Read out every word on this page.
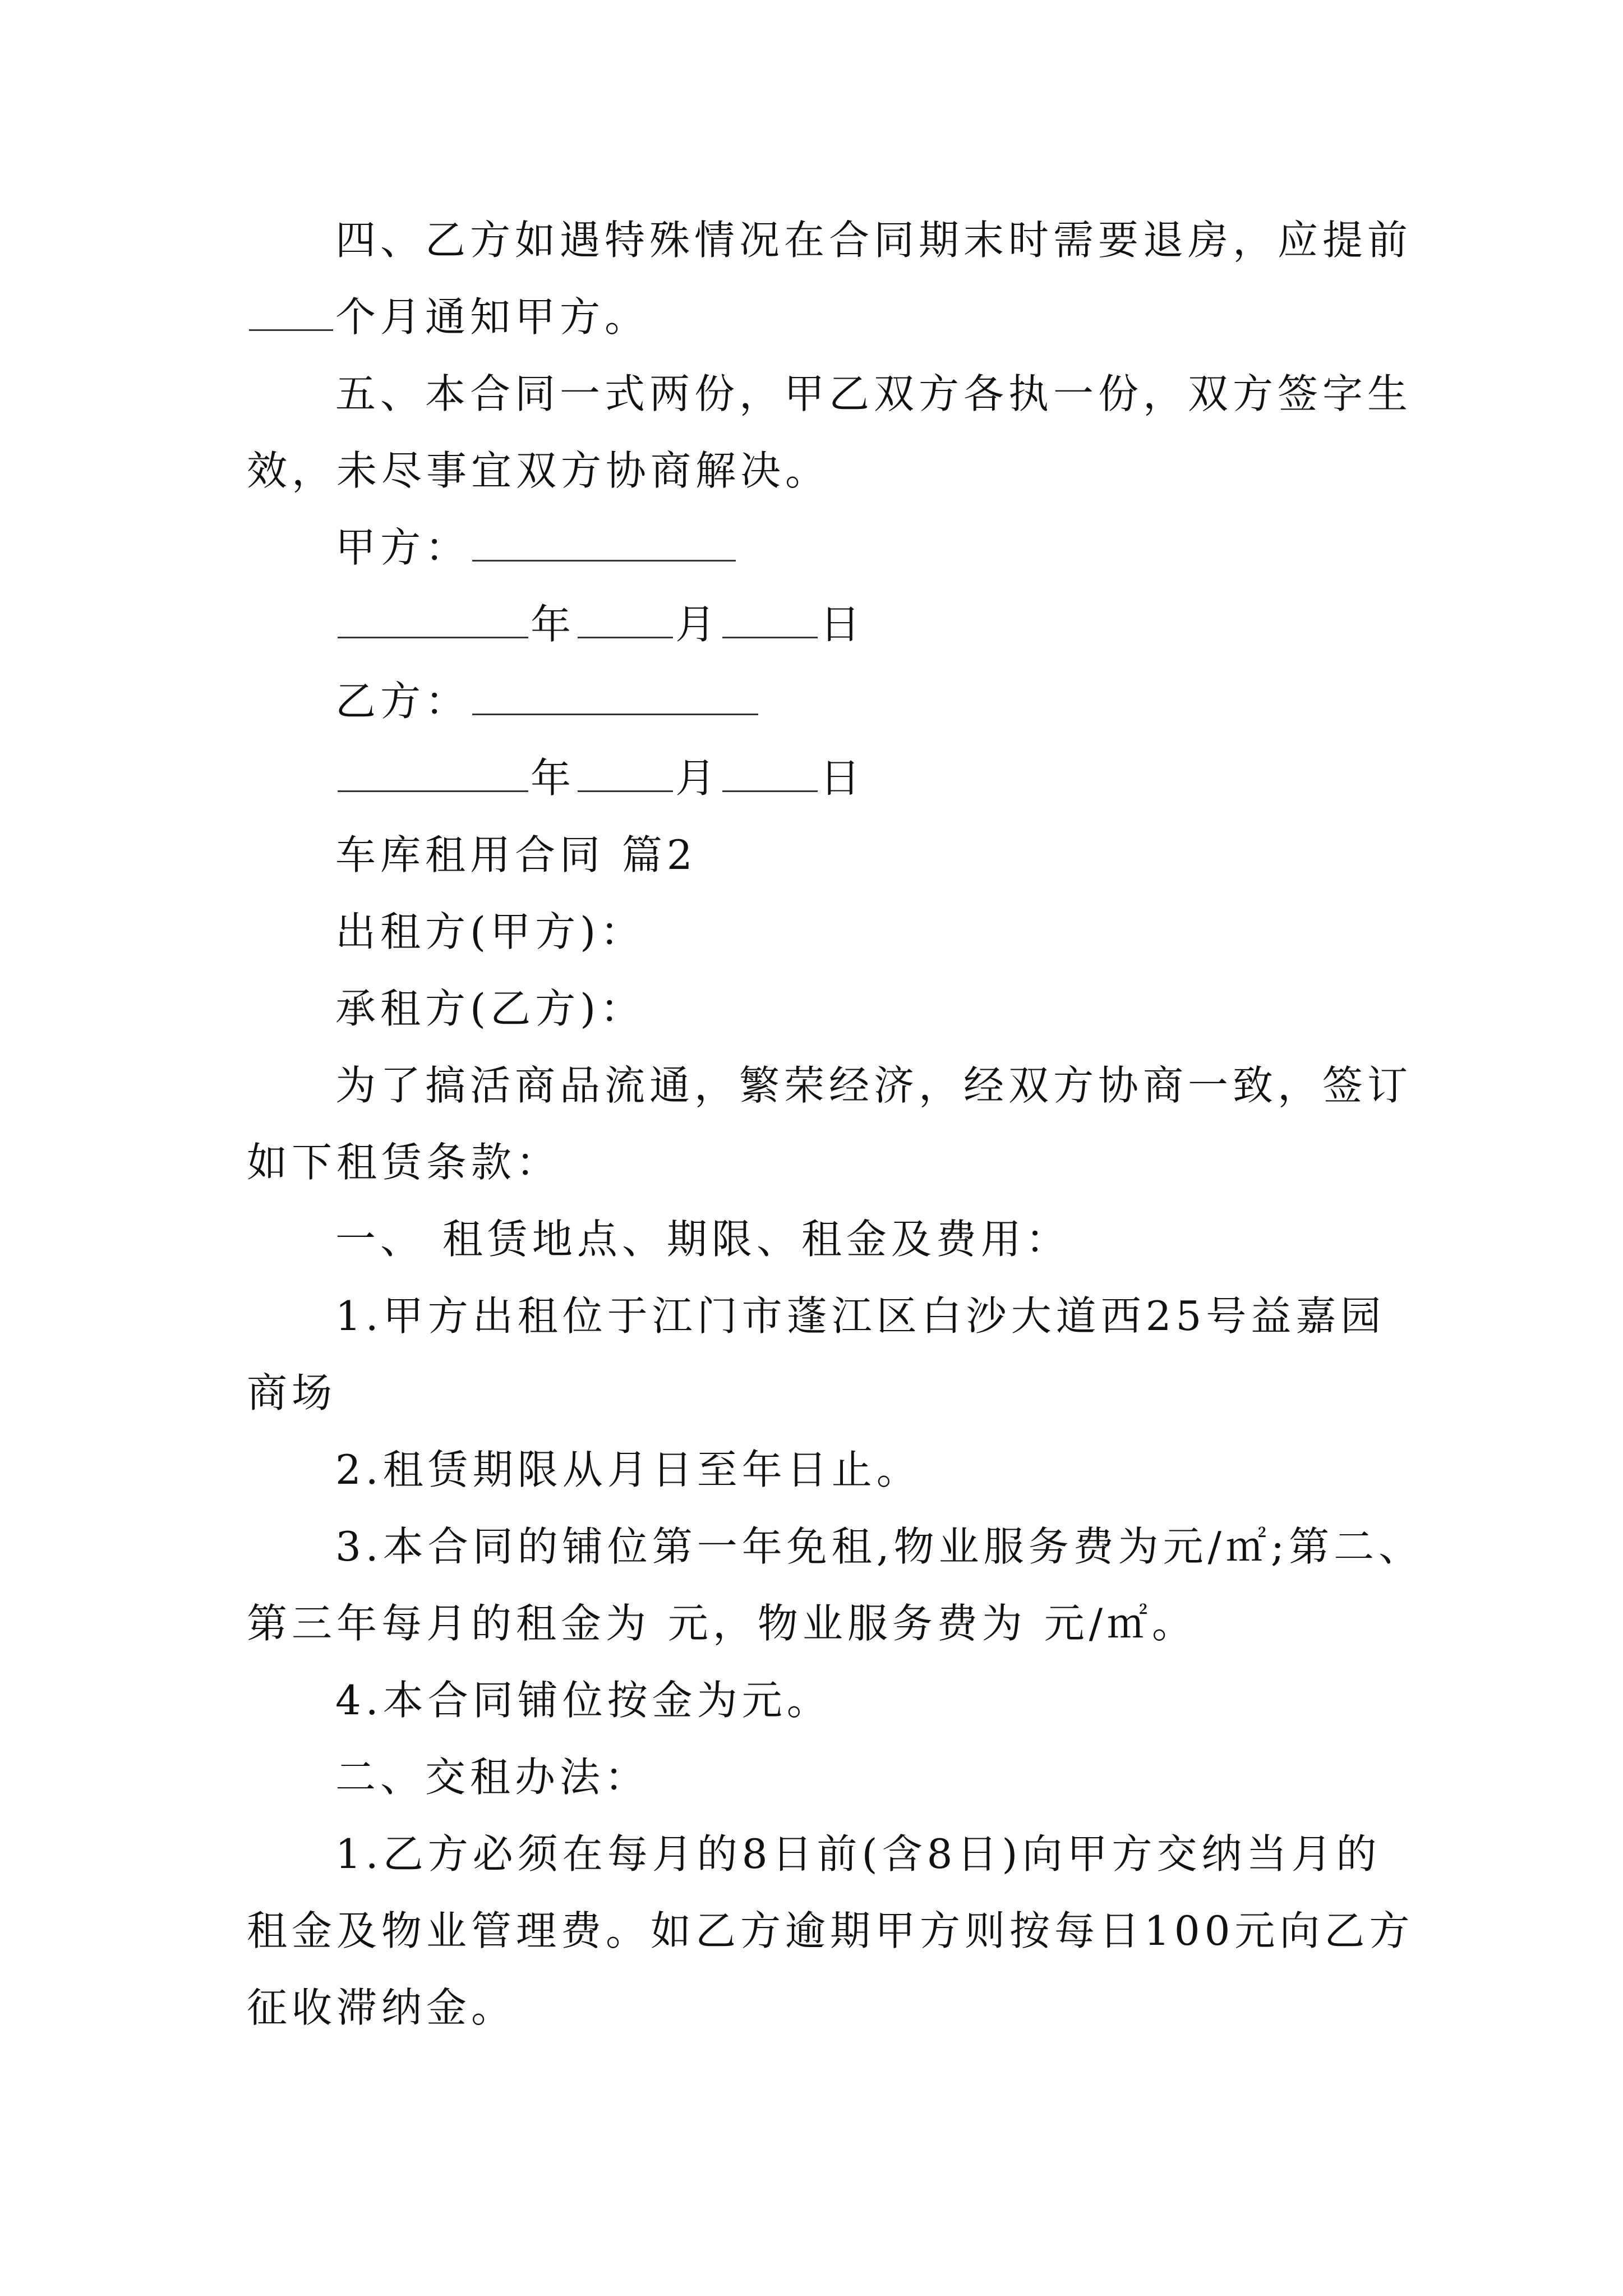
四、乙方如遇特殊情况在合同期末时需要退房，应提前
个月通知甲方。
五、本合同一式两份，甲乙双方各执一份，双方签字生
效，未尽事宜双方协商解决。
甲方：
年 月 日
乙方：
年 月 日
车库租用合同 篇2
出租方(甲方)：
承租方(乙方)：
为了搞活商品流通，繁荣经济，经双方协商一致，签订
如下租赁条款：
一、 租赁地点、期限、租金及费用：
1.甲方出租位于江门市蓬江区白沙大道西25号益嘉园
商场
2.租赁期限从月日至年日止。
3.本合同的铺位第一年免租,物业服务费为元/㎡;第二、
第三年每月的租金为 元，物业服务费为 元/㎡。
4.本合同铺位按金为元。
二、交租办法：
1.乙方必须在每月的8日前(含8日)向甲方交纳当月的
租金及物业管理费。如乙方逾期甲方则按每日100元向乙方
征收滞纳金。
